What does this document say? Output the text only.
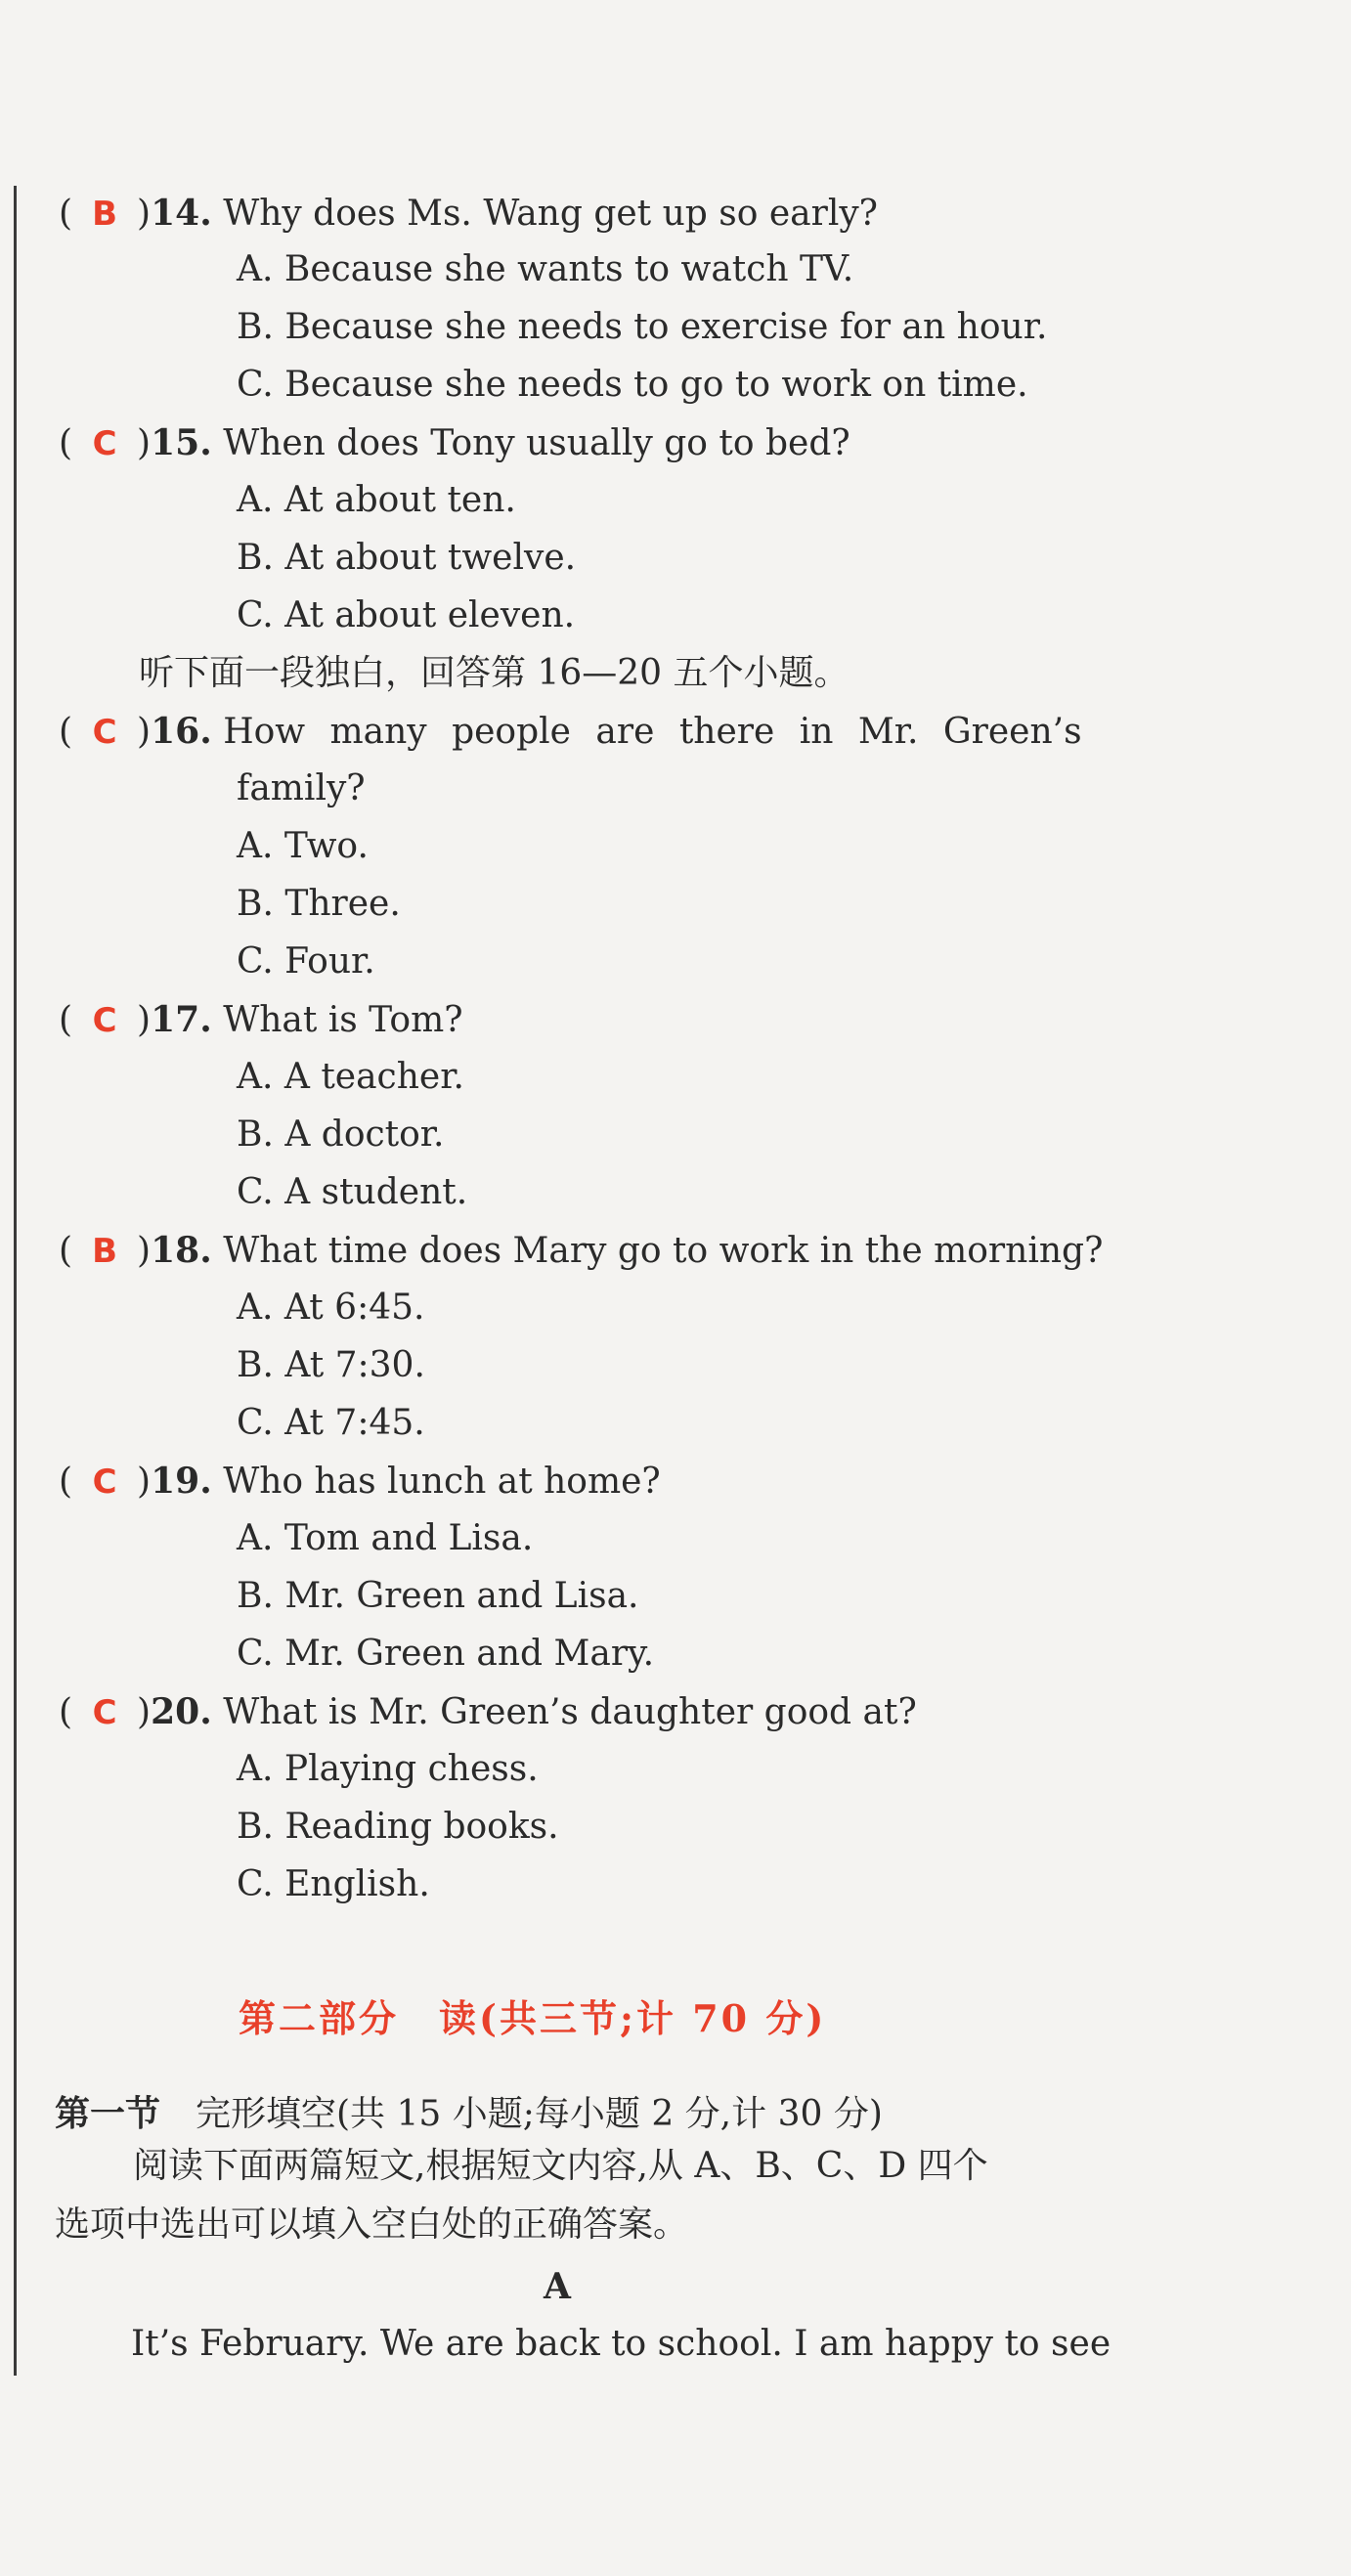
( B )14. Why does Ms. Wang get up so early?
A. Because she wants to watch TV.
B. Because she needs to exercise for an hour.
C. Because she needs to go to work on time.
( C )15. When does Tony usually go to bed?
A. At about ten.
B. At about twelve.
C. At about eleven.
听下面一段独白，回答第 16—20 五个小题。
( C )16. How many people are there in Mr. Green’s
family?
A. Two.
B. Three.
C. Four.
( C )17. What is Tom?
A. A teacher.
B. A doctor.
C. A student.
( B )18. What time does Mary go to work in the morning?
A. At 6:45.
B. At 7:30.
C. At 7:45.
( C )19. Who has lunch at home?
A. Tom and Lisa.
B. Mr. Green and Lisa.
C. Mr. Green and Mary.
( C )20. What is Mr. Green’s daughter good at?
A. Playing chess.
B. Reading books.
C. English.
第二部分　读(共三节;计 70 分)
第一节 完形填空(共 15 小题;每小题 2 分,计 30 分)
阅读下面两篇短文,根据短文内容,从 A、B、C、D 四个
选项中选出可以填入空白处的正确答案。
A
It’s February. We are back to school. I am happy to see
